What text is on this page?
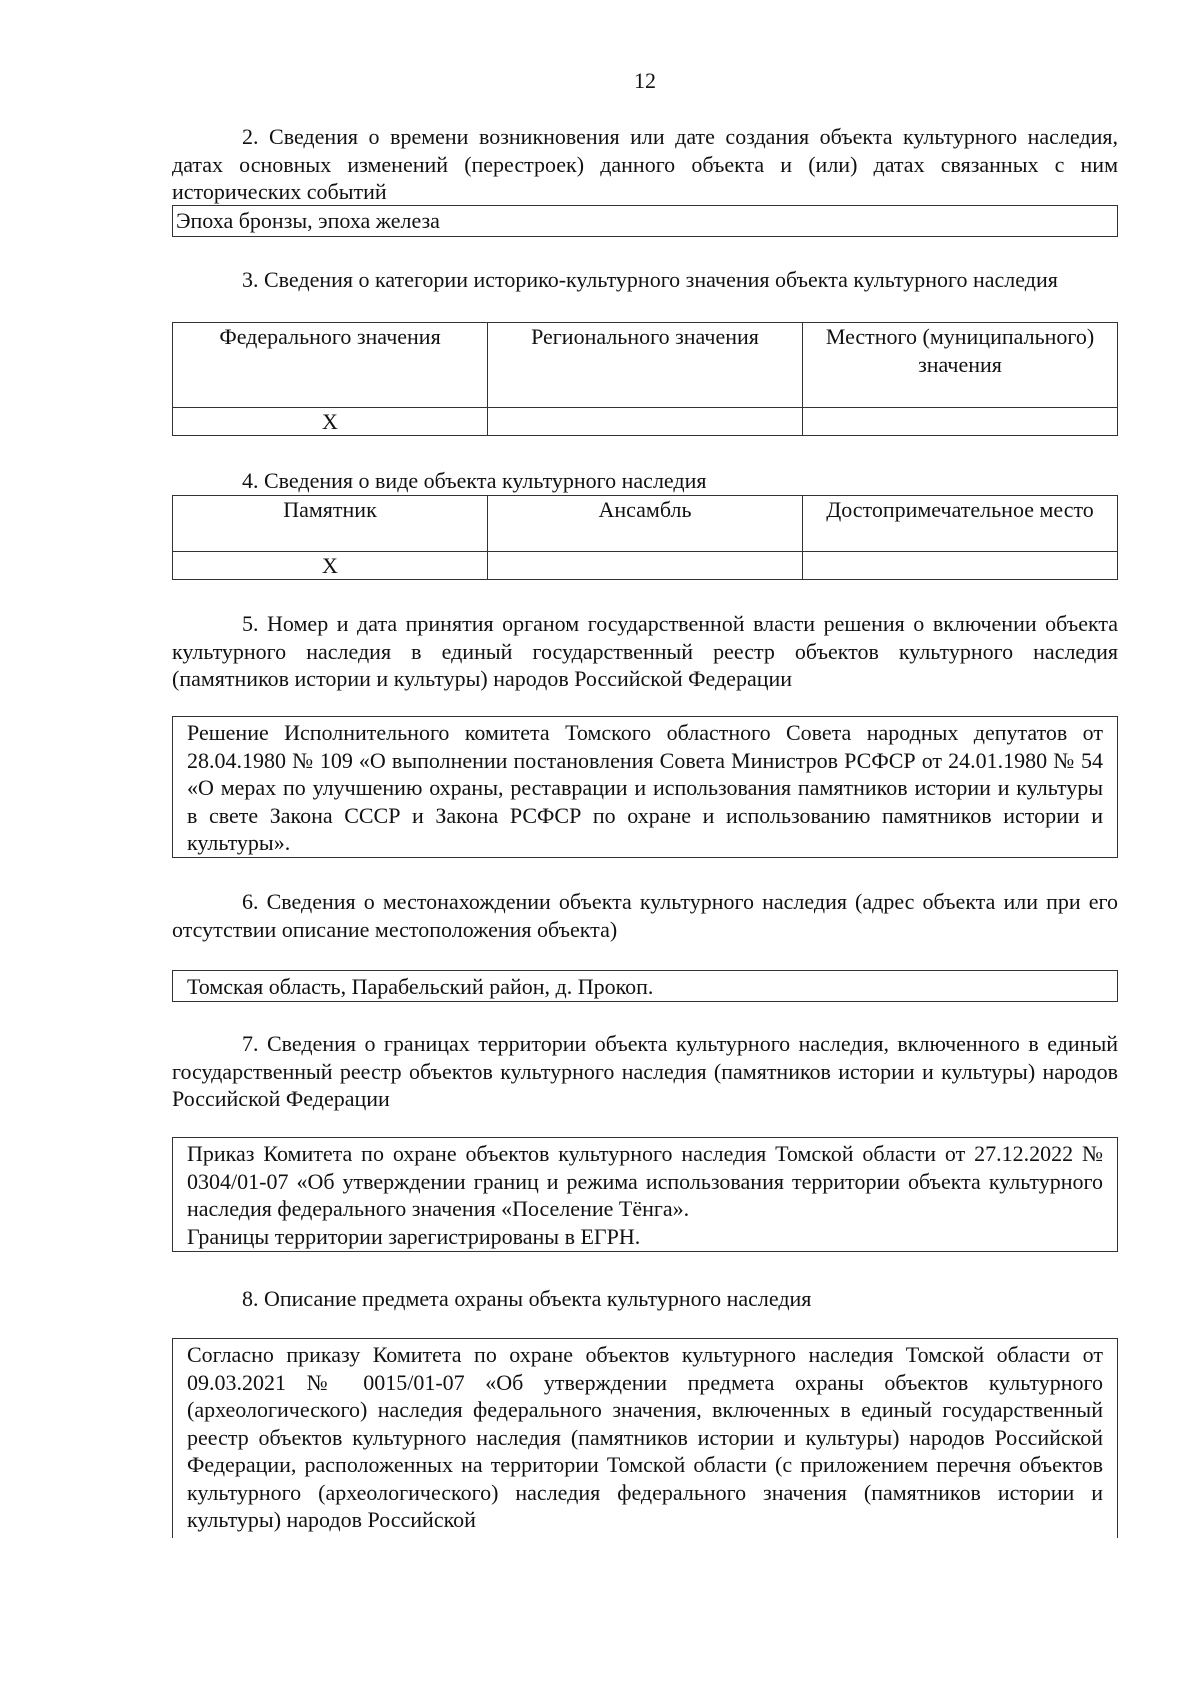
12
2. Сведения о времени возникновения или дате создания объекта культурного наследия, датах основных изменений (перестроек) данного объекта и (или) датах связанных с ним исторических событий
Эпоха бронзы, эпоха железа
3. Сведения о категории историко-культурного значения объекта культурного наследия
Федерального значения	Регионального значения	Местного (муниципального) значения
Х		
4. Сведения о виде объекта культурного наследия
Памятник	Ансамбль	Достопримечательное место
Х		
5. Номер и дата принятия органом государственной власти решения о включении объекта культурного наследия в единый государственный реестр объектов культурного наследия (памятников истории и культуры) народов Российской Федерации
Решение Исполнительного комитета Томского областного Совета народных депутатов от 28.04.1980 № 109 «О выполнении постановления Совета Министров РСФСР от 24.01.1980 № 54 «О мерах по улучшению охраны, реставрации и использования памятников истории и культуры в свете Закона СССР и Закона РСФСР по охране и использованию памятников истории и культуры».
6. Сведения о местонахождении объекта культурного наследия (адрес объекта или при его отсутствии описание местоположения объекта)
Томская область, Парабельский район, д. Прокоп.
7. Сведения о границах территории объекта культурного наследия, включенного в единый государственный реестр объектов культурного наследия (памятников истории и культуры) народов Российской Федерации
Приказ Комитета по охране объектов культурного наследия Томской области от 27.12.2022 № 0304/01-07 «Об утверждении границ и режима использования территории объекта культурного наследия федерального значения «Поселение Тёнга».
Границы территории зарегистрированы в ЕГРН.
8. Описание предмета охраны объекта культурного наследия
Согласно приказу Комитета по охране объектов культурного наследия Томской области от 09.03.2021 № 0015/01-07 «Об утверждении предмета охраны объектов культурного (археологического) наследия федерального значения, включенных в единый государственный реестр объектов культурного наследия (памятников истории и культуры) народов Российской Федерации, расположенных на территории Томской области (с приложением перечня объектов культурного (археологического) наследия федерального значения (памятников истории и культуры) народов Российской
